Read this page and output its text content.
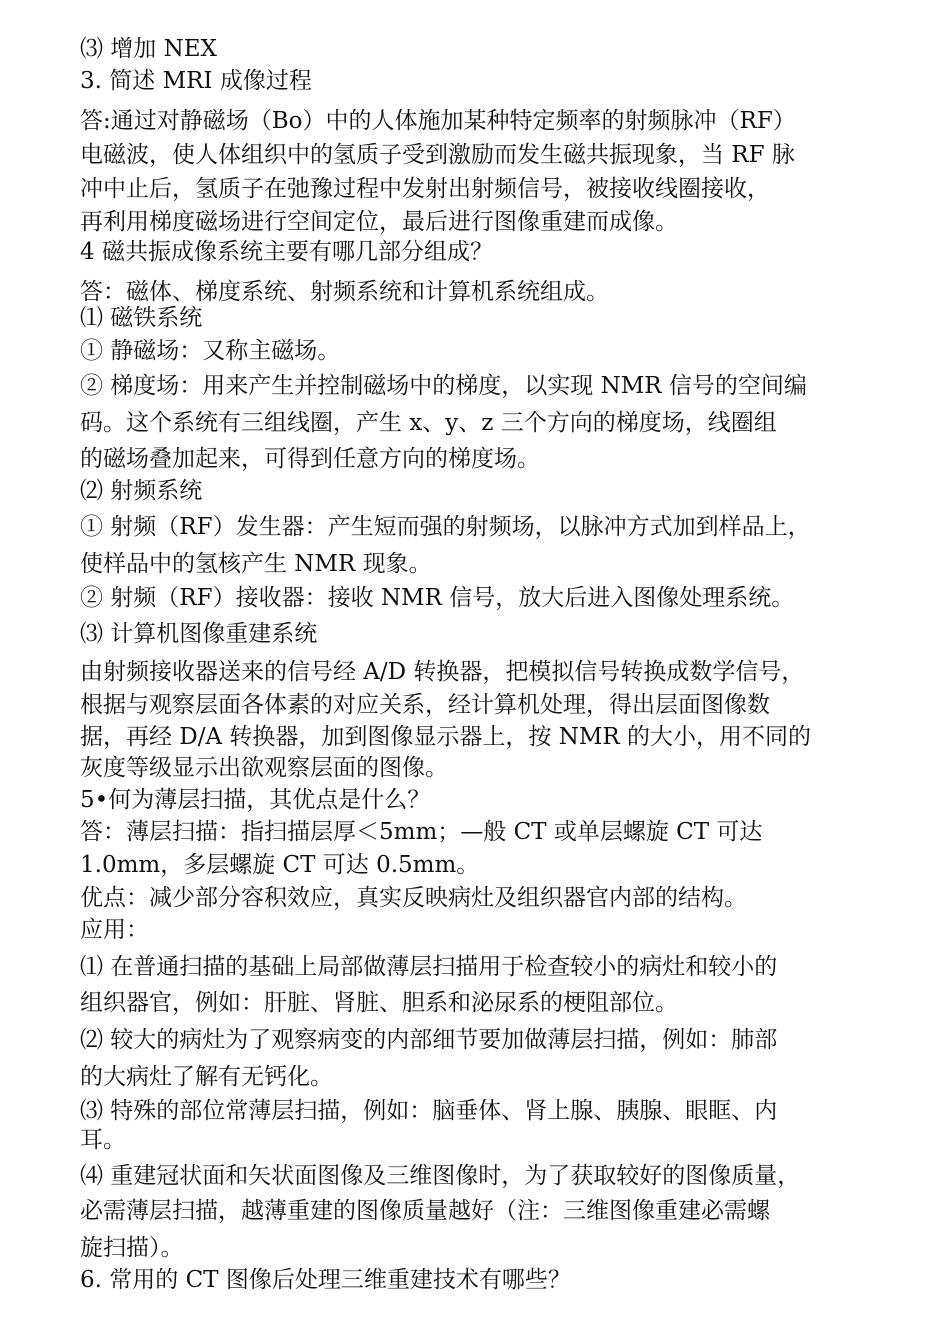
⑶ 增加 NEX
3. 简述 MRI 成像过程
答:通过对静磁场（Bo）中的人体施加某种特定频率的射频脉冲（RF）
电磁波，使人体组织中的氢质子受到激励而发生磁共振现象，当 RF 脉
冲中止后，氢质子在弛豫过程中发射出射频信号，被接收线圈接收，
再利用梯度磁场进行空间定位，最后进行图像重建而成像。
4 磁共振成像系统主要有哪几部分组成？
答：磁体、梯度系统、射频系统和计算机系统组成。
⑴ 磁铁系统
① 静磁场：又称主磁场。
② 梯度场：用来产生并控制磁场中的梯度，以实现 NMR 信号的空间编
码。这个系统有三组线圈，产生 x、y、z 三个方向的梯度场，线圈组
的磁场叠加起来，可得到任意方向的梯度场。
⑵ 射频系统
① 射频（RF）发生器：产生短而强的射频场，以脉冲方式加到样品上，
使样品中的氢核产生 NMR 现象。
② 射频（RF）接收器：接收 NMR 信号，放大后进入图像处理系统。
⑶ 计算机图像重建系统
由射频接收器送来的信号经 A/D 转换器，把模拟信号转换成数学信号，
根据与观察层面各体素的对应关系，经计算机处理，得出层面图像数
据，再经 D/A 转换器，加到图像显示器上，按 NMR 的大小，用不同的
灰度等级显示出欲观察层面的图像。
5•何为薄层扫描，其优点是什么？
答：薄层扫描：指扫描层厚＜5mm；—般 CT 或单层螺旋 CT 可达
1.0mm，多层螺旋 CT 可达 0.5mm。
优点：减少部分容积效应，真实反映病灶及组织器官内部的结构。
应用：
⑴ 在普通扫描的基础上局部做薄层扫描用于检查较小的病灶和较小的
组织器官，例如：肝脏、肾脏、胆系和泌尿系的梗阻部位。
⑵ 较大的病灶为了观察病变的内部细节要加做薄层扫描，例如：肺部
的大病灶了解有无钙化。
⑶ 特殊的部位常薄层扫描，例如：脑垂体、肾上腺、胰腺、眼眶、内
耳。
⑷ 重建冠状面和矢状面图像及三维图像时，为了获取较好的图像质量，
必需薄层扫描，越薄重建的图像质量越好（注：三维图像重建必需螺
旋扫描）。
6. 常用的 CT 图像后处理三维重建技术有哪些？
